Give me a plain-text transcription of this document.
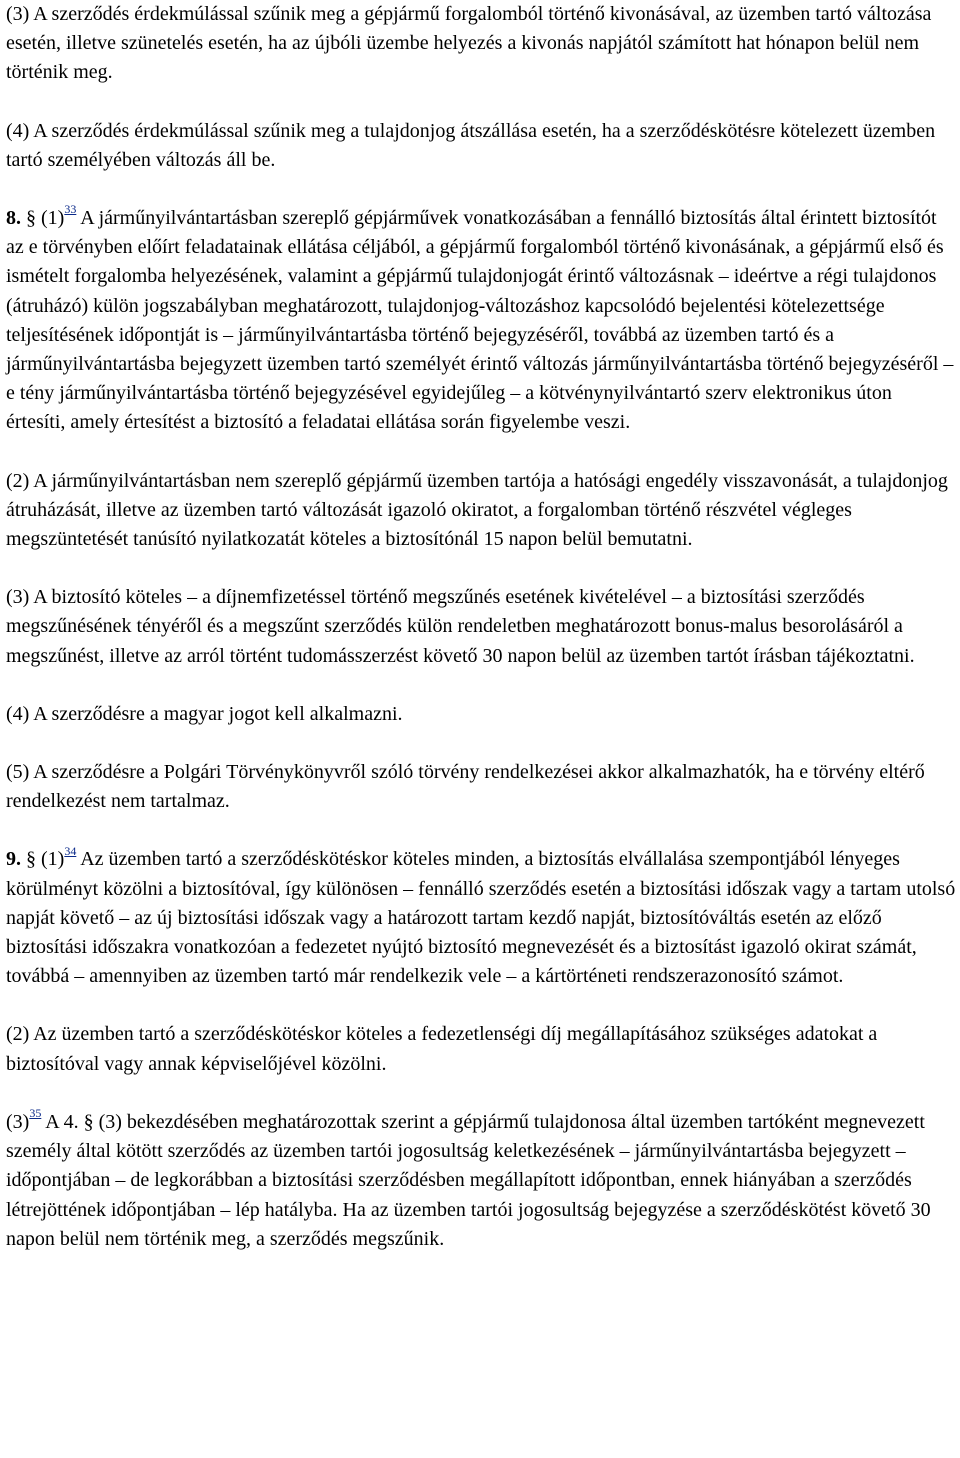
(3) A szerződés érdekmúlással szűnik meg a gépjármű forgalomból történő kivonásával, az üzemben tartó változása esetén, illetve szünetelés esetén, ha az újbóli üzembe helyezés a kivonás napjától számított hat hónapon belül nem történik meg.

(4) A szerződés érdekmúlással szűnik meg a tulajdonjog átszállása esetén, ha a szerződéskötésre kötelezett üzemben tartó személyében változás áll be.

8. § (1)$^{33}$ A járműnyilvántartásban szereplő gépjárművek vonatkozásában a fennálló biztosítás által érintett biztosítót az e törvényben előírt feladatainak ellátása céljából, a gépjármű forgalomból történő kivonásának, a gépjármű első és ismételt forgalomba helyezésének, valamint a gépjármű tulajdonjogát érintő változásnak – ideértve a régi tulajdonos (átruházó) külön jogszabályban meghatározott, tulajdonjog-változáshoz kapcsolódó bejelentési kötelezettsége teljesítésének időpontját is – járműnyilvántartásba történő bejegyzéséről, továbbá az üzemben tartó és a járműnyilvántartásba bejegyzett üzemben tartó személyét érintő változás járműnyilvántartásba történő bejegyzéséről – e tény járműnyilvántartásba történő bejegyzésével egyidejűleg – a kötvénynyilvántartó szerv elektronikus úton értesíti, amely értesítést a biztosító a feladatai ellátása során figyelembe veszi.

(2) A járműnyilvántartásban nem szereplő gépjármű üzemben tartója a hatósági engedély visszavonását, a tulajdonjog átruházását, illetve az üzemben tartó változását igazoló okiratot, a forgalomban történő részvétel végleges megszüntetését tanúsító nyilatkozatát köteles a biztosítónál 15 napon belül bemutatni.

(3) A biztosító köteles – a díjnemfizetéssel történő megszűnés esetének kivételével – a biztosítási szerződés megszűnésének tényéről és a megszűnt szerződés külön rendeletben meghatározott bonus-malus besorolásáról a megszűnést, illetve az arról történt tudomásszerzést követő 30 napon belül az üzemben tartót írásban tájékoztatni.

(4) A szerződésre a magyar jogot kell alkalmazni.

(5) A szerződésre a Polgári Törvénykönyvről szóló törvény rendelkezései akkor alkalmazhatók, ha e törvény eltérő rendelkezést nem tartalmaz.

9. § (1)$^{34}$ Az üzemben tartó a szerződéskötéskor köteles minden, a biztosítás elvállalása szempontjából lényeges körülményt közölni a biztosítóval, így különösen – fennálló szerződés esetén a biztosítási időszak vagy a tartam utolsó napját követő – az új biztosítási időszak vagy a határozott tartam kezdő napját, biztosítóváltás esetén az előző biztosítási időszakra vonatkozóan a fedezetet nyújtó biztosító megnevezését és a biztosítást igazoló okirat számát, továbbá – amennyiben az üzemben tartó már rendelkezik vele – a kártörténeti rendszerazonosító számot.

(2) Az üzemben tartó a szerződéskötéskor köteles a fedezetlenségi díj megállapításához szükséges adatokat a biztosítóval vagy annak képviselőjével közölni.

(3)$^{35}$ A 4. § (3) bekezdésében meghatározottak szerint a gépjármű tulajdonosa által üzemben tartóként megnevezett személy által kötött szerződés az üzemben tartói jogosultság keletkezésének – járműnyilvántartásba bejegyzett – időpontjában – de legkorábban a biztosítási szerződésben megállapított időpontban, ennek hiányában a szerződés létrejöttének időpontjában – lép hatályba. Ha az üzemben tartói jogosultság bejegyzése a szerződéskötést követő 30 napon belül nem történik meg, a szerződés megszűnik.
